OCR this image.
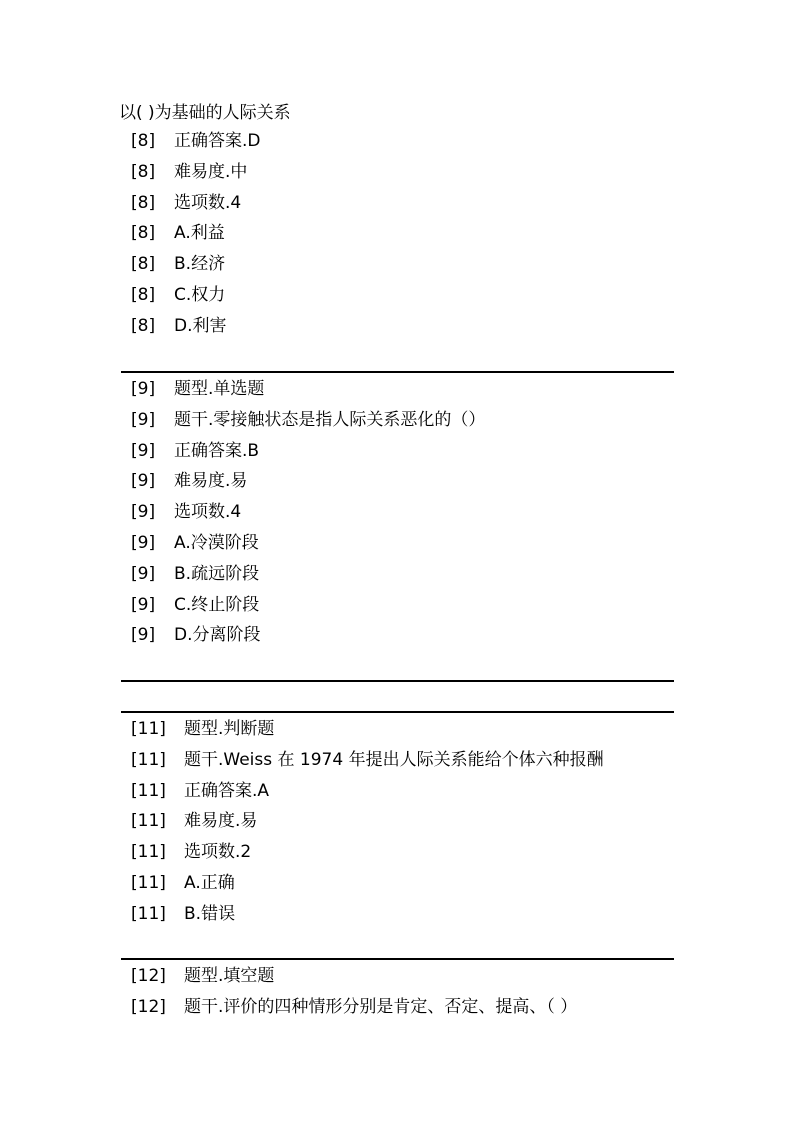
以( )为基础的人际关系
[8]	正确答案.D
[8]	难易度.中
[8]	选项数.4
[8]	A.利益
[8]	B.经济
[8]	C.权力
[8]	D.利害
[9]	题型.单选题
[9]	题干.零接触状态是指人际关系恶化的（）
[9]	正确答案.B
[9]	难易度.易
[9]	选项数.4
[9]	A.冷漠阶段
[9]	B.疏远阶段
[9]	C.终止阶段
[9]	D.分离阶段
[11]	题型.判断题
[11]	题干.Weiss 在 1974 年提出人际关系能给个体六种报酬
[11]	正确答案.A
[11]	难易度.易
[11]	选项数.2
[11]	A.正确
[11]	B.错误
[12]	题型.填空题
[12]	题干.评价的四种情形分别是肯定、否定、提高、（ ）
